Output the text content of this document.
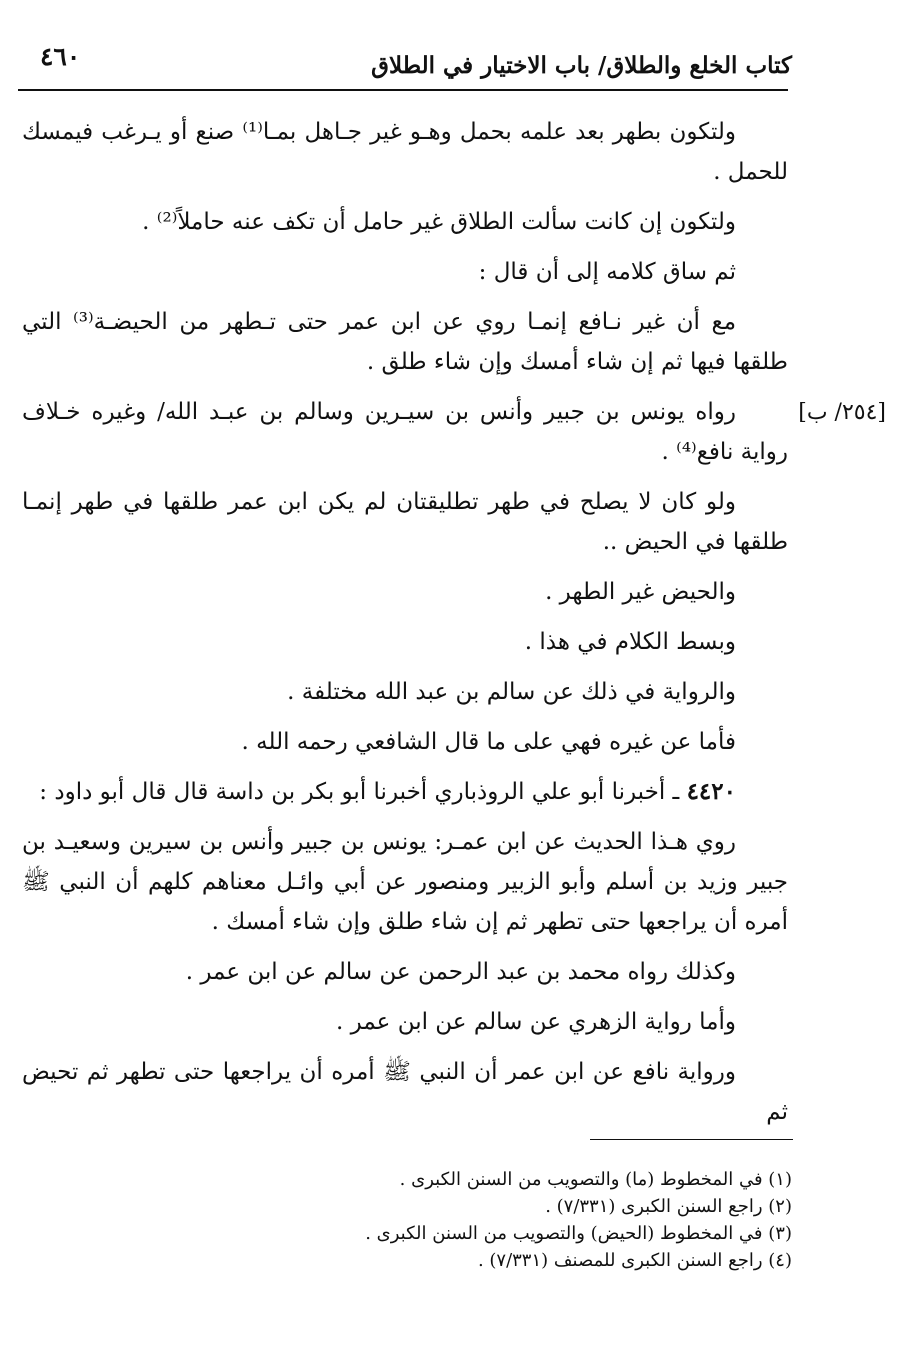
كتاب الخلع والطلاق/ باب الاختيار في الطلاق
٤٦٠
[٢٥٤/ ب]

ولتكون بطهر بعد علمه بحمل وهـو غير جـاهل بمـا⁽¹⁾ صنع أو يـرغب فيمسك للحمل .

ولتكون إن كانت سألت الطلاق غير حامل أن تكف عنه حاملاً⁽²⁾ .

ثم ساق كلامه إلى أن قال :

مع أن غير نـافع إنمـا روي عن ابن عمر حتى تـطهر من الحيضـة⁽³⁾ التي طلقها فيها ثم إن شاء أمسك وإن شاء طلق .

رواه يونس بن جبير وأنس بن سيـرين وسالم بن عبـد الله/ وغيره خـلاف رواية نافع⁽⁴⁾ .

ولو كان لا يصلح في طهر تطليقتان لم يكن ابن عمر طلقها في طهر إنمـا طلقها في الحيض ..

والحيض غير الطهر .

وبسط الكلام في هذا .

والرواية في ذلك عن سالم بن عبد الله مختلفة .

فأما عن غيره فهي على ما قال الشافعي رحمه الله .

٤٤٢٠ ـ أخبرنا أبو علي الروذباري أخبرنا أبو بكر بن داسة قال قال أبو داود :

روي هـذا الحديث عن ابن عمـر: يونس بن جبير وأنس بن سيرين وسعيـد بن جبير وزيد بن أسلم وأبو الزبير ومنصور عن أبي وائـل معناهم كلهم أن النبي ﷺ أمره أن يراجعها حتى تطهر ثم إن شاء طلق وإن شاء أمسك .

وكذلك رواه محمد بن عبد الرحمن عن سالم عن ابن عمر .

وأما رواية الزهري عن سالم عن ابن عمر .

ورواية نافع عن ابن عمر أن النبي ﷺ أمره أن يراجعها حتى تطهر ثم تحيض ثم

(١) في المخطوط (ما) والتصويب من السنن الكبرى .

(٢) راجع السنن الكبرى (٧/٣٣١) .

(٣) في المخطوط (الحيض) والتصويب من السنن الكبرى .

(٤) راجع السنن الكبرى للمصنف (٧/٣٣١) .
